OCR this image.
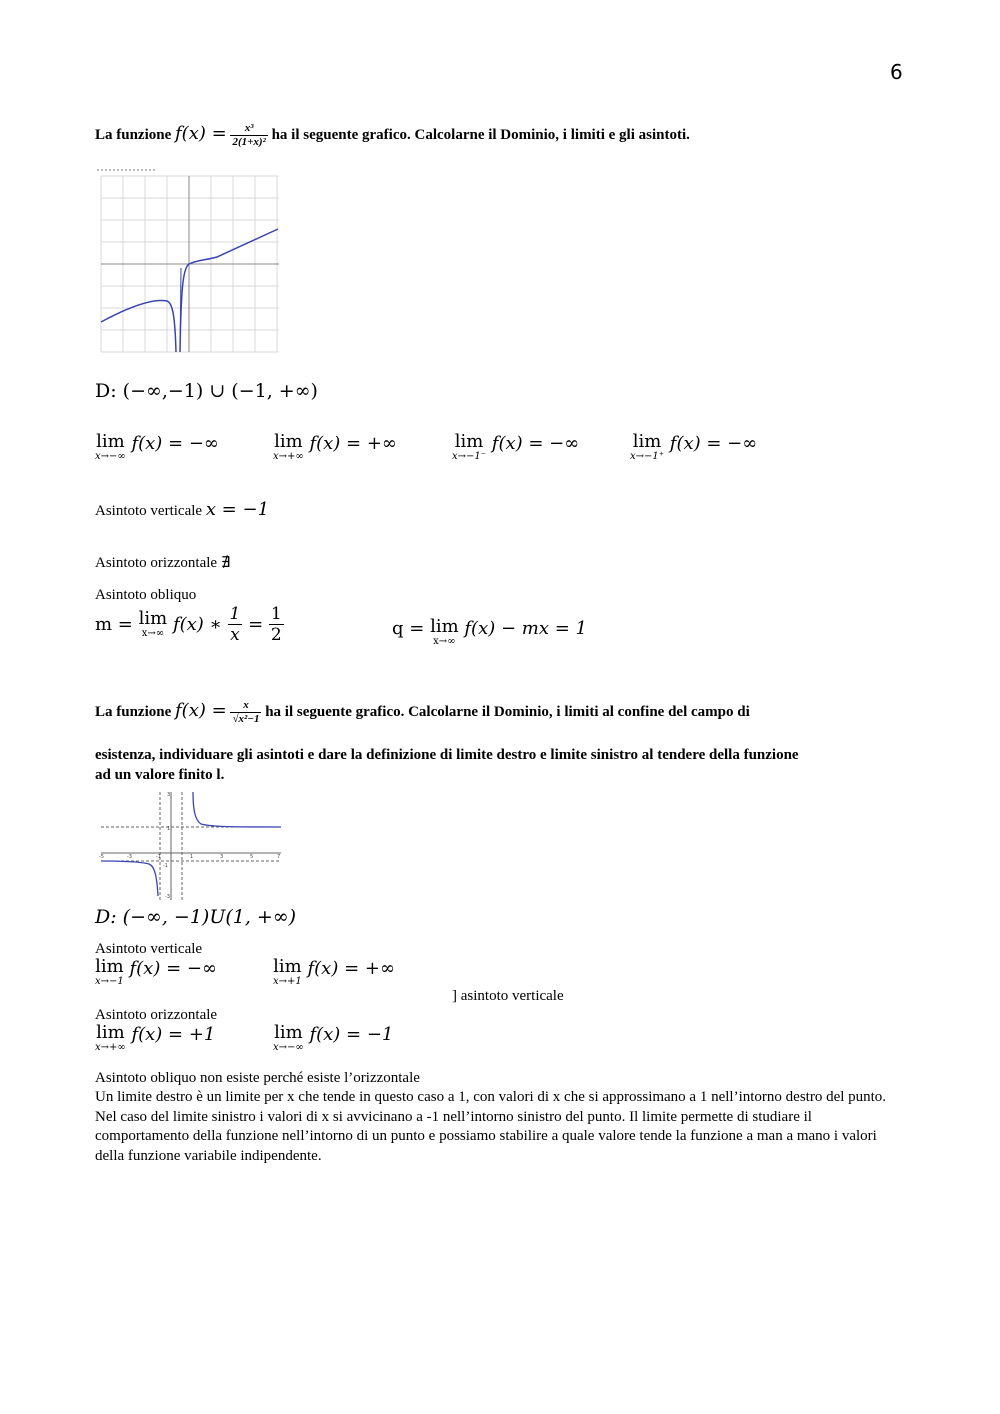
6
La funzione $f(x) = \frac{\text{x³}}{\text{2(1+x)²}}$ ha il seguente grafico. Calcolarne il Dominio, i limiti e gli asintoti.
D: (−∞,−1) ∪ (−1, +∞)
lim
x→−∞
f(x) = −∞	lim
x→+∞
f(x) = +∞	lim
x→−1⁻
f(x) = −∞	lim
x→−1⁺
f(x) = −∞
Asintoto verticale x = −1
Asintoto orizzontale ∄
Asintoto obliquo
m = lim
x→∞ f(x) ∗ $\frac{1}{x} = \frac{1}{2}$	q = lim
x→∞
f(x) − mx = 1
La funzione $f(x) = \frac{x}{\text{√x²−1}}$ ha il seguente grafico. Calcolarne il Dominio, i limiti al confine del campo di
esistenza, individuare gli asintoti e dare la definizione di limite destro e limite sinistro al tendere della funzione
ad un valore finito l.
-5	-3	-1	1	3	5	7
3
1
-1
-3
D: (−∞, −1)U(1, +∞)
Asintoto verticale
lim
x→−1
f(x) = −∞	lim
x→+1
f(x) = +∞
] asintoto verticale
Asintoto orizzontale
lim
x→+∞
f(x) = +1	lim
x→−∞
f(x) = −1
Asintoto obliquo non esiste perché esiste l’orizzontale
Un limite destro è un limite per x che tende in questo caso a 1, con valori di x che si approssimano a 1 nell’intorno destro del punto. Nel caso del limite sinistro i valori di x si avvicinano a -1 nell’intorno sinistro del punto. Il limite permette di studiare il comportamento della funzione nell’intorno di un punto e possiamo stabilire a quale valore tende la funzione a man a mano i valori della funzione variabile indipendente.
